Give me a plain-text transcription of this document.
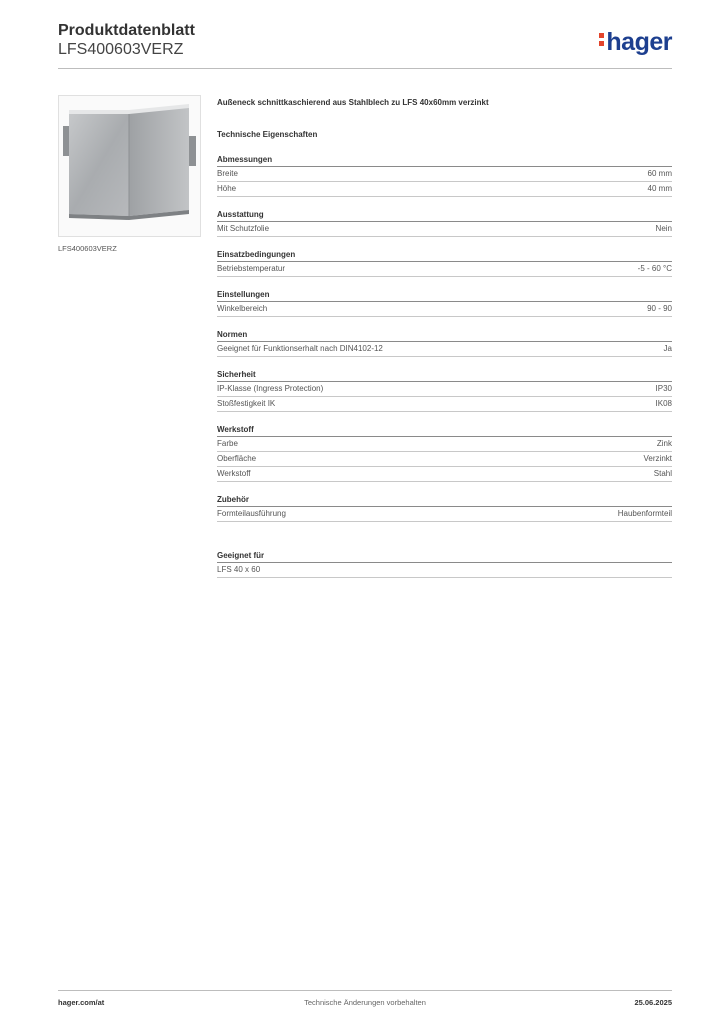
Produktdatenblatt
LFS400603VERZ	hager
LFS400603VERZ
Außeneck schnittkaschierend aus Stahlblech zu LFS 40x60mm verzinkt
Technische Eigenschaften
Abmessungen
Breite	60 mm
Höhe	40 mm
Ausstattung
Mit Schutzfolie	Nein
Einsatzbedingungen
Betriebstemperatur	-5 - 60 °C
Einstellungen
Winkelbereich	90 - 90
Normen
Geeignet für Funktionserhalt nach DIN4102-12	Ja
Sicherheit
IP-Klasse (Ingress Protection)	IP30
Stoßfestigkeit IK	IK08
Werkstoff
Farbe	Zink
Oberfläche	Verzinkt
Werkstoff	Stahl
Zubehör
Formteilausführung	Haubenformteil
Geeignet für
LFS 40 x 60
hager.com/at	Technische Änderungen vorbehalten	25.06.2025
